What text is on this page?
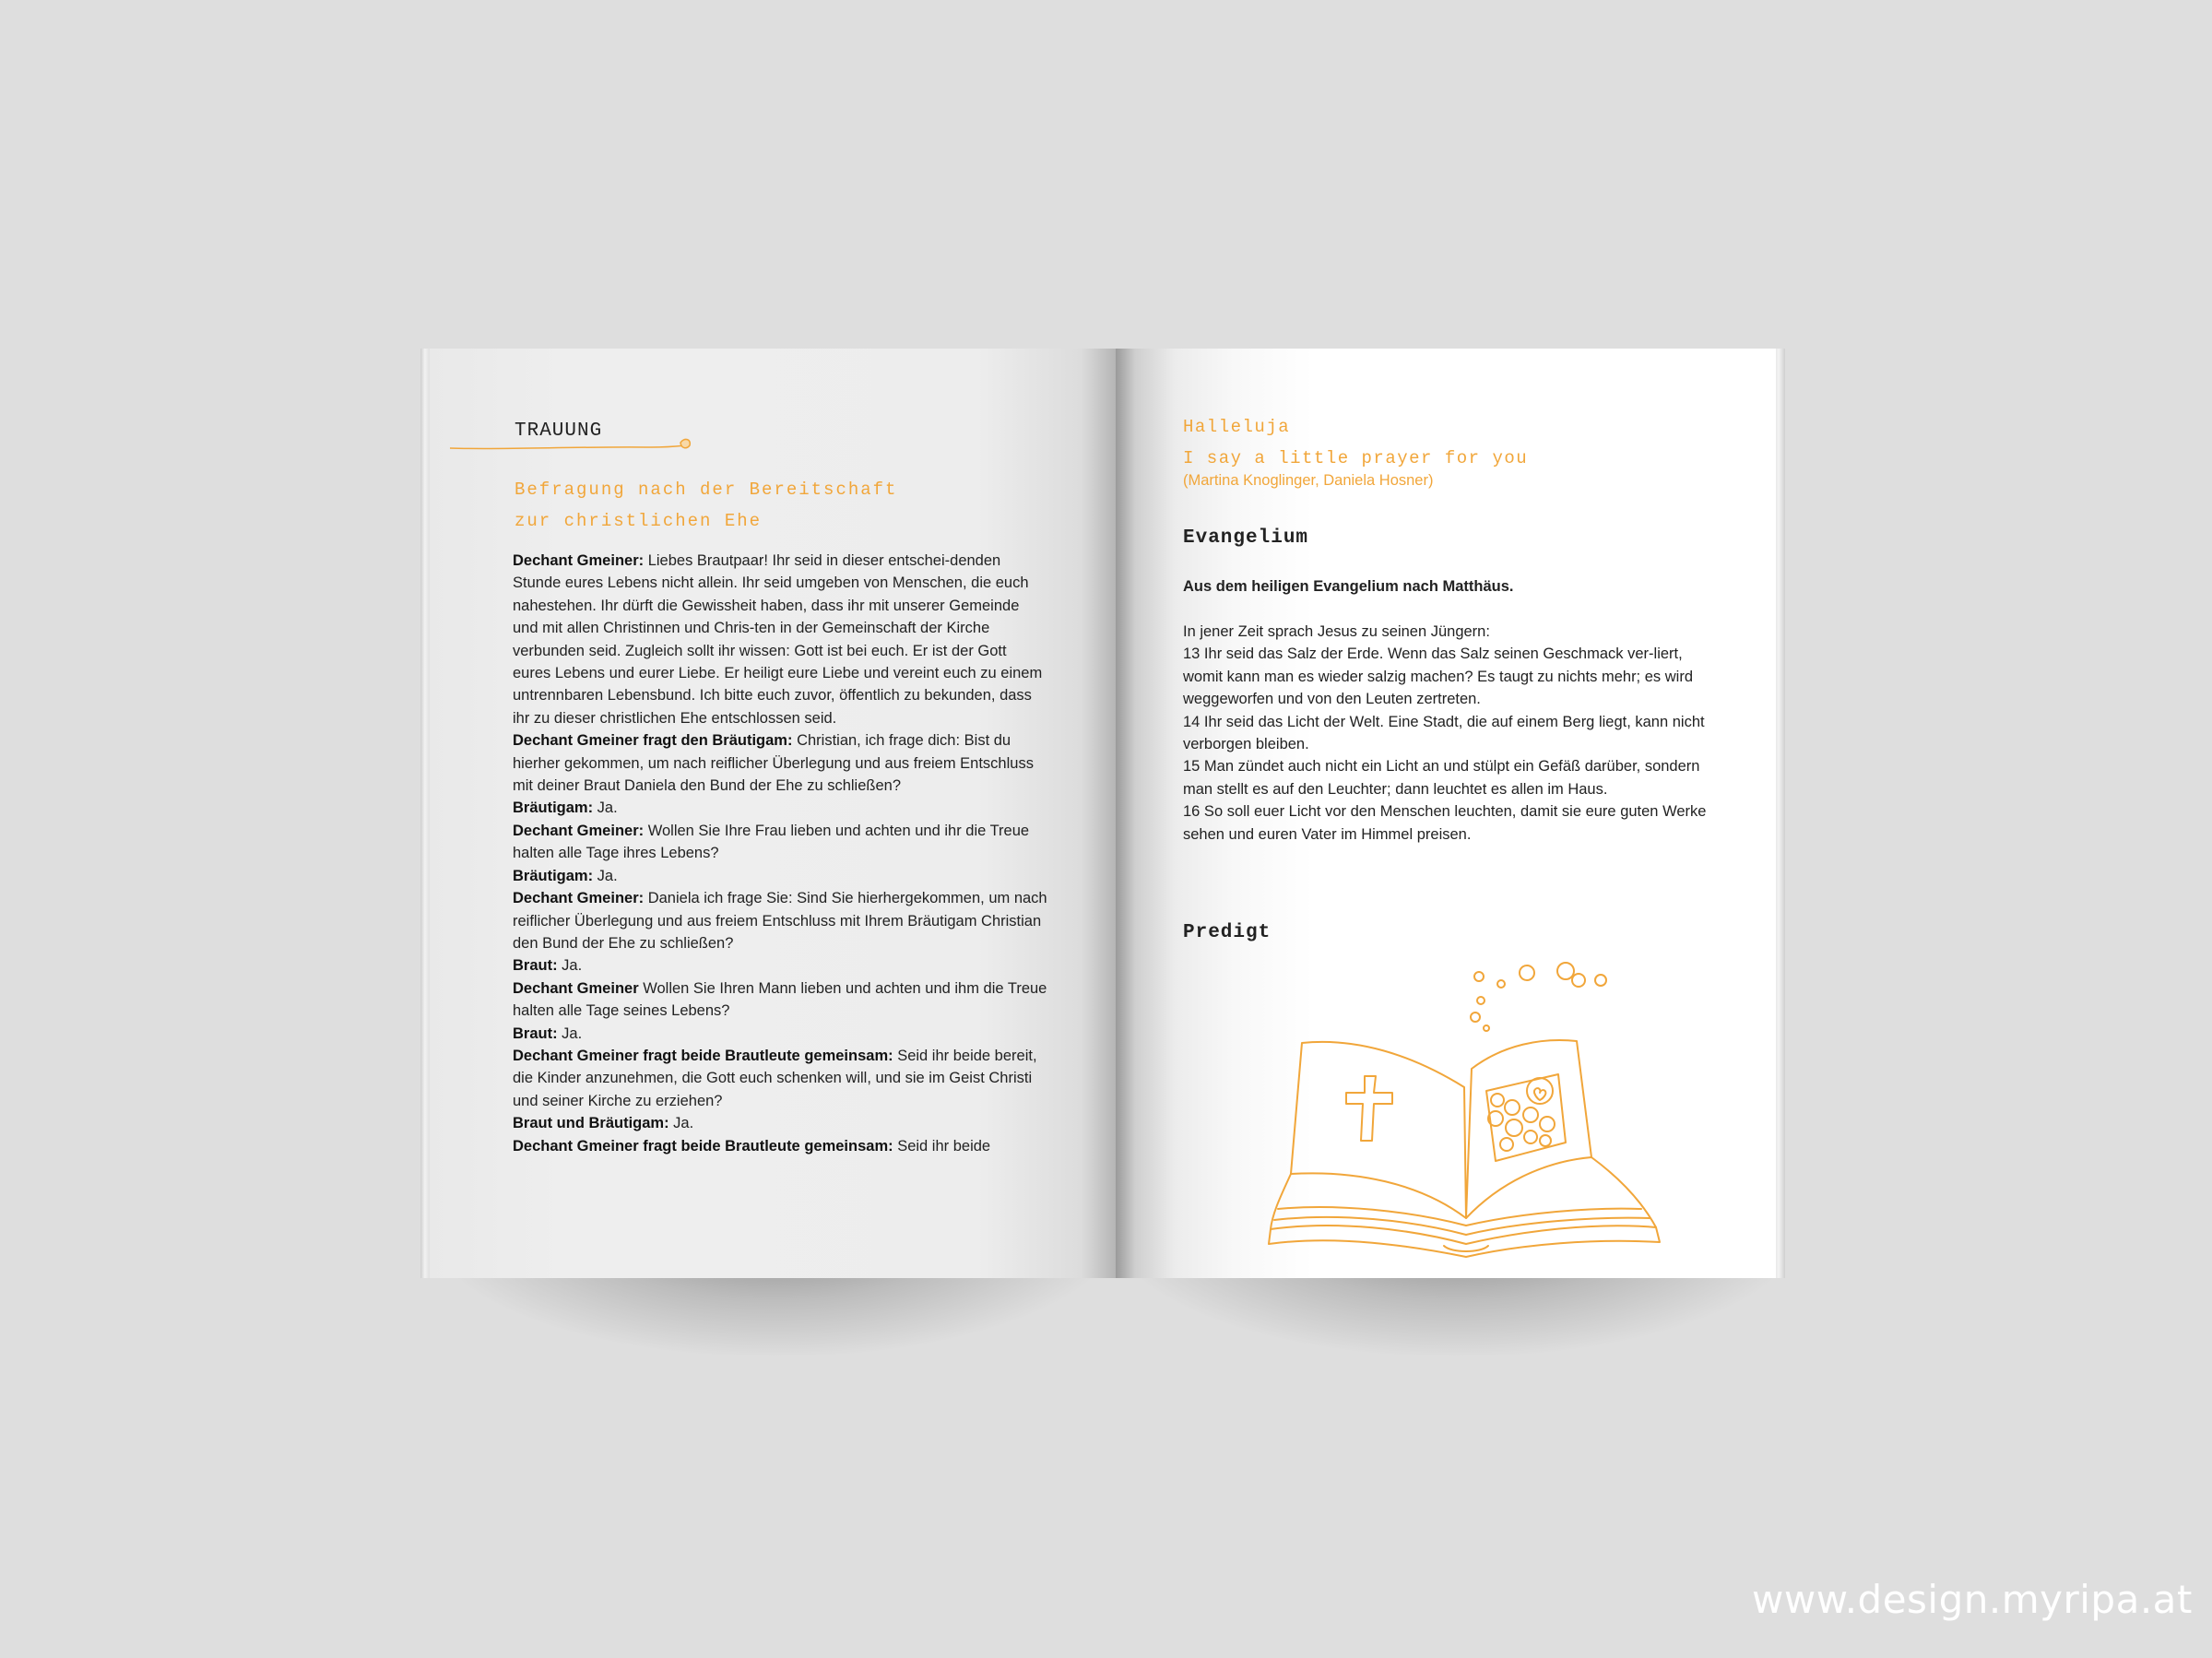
TRAUUNG
Befragung nach der Bereitschaft
zur christlichen Ehe

Dechant Gmeiner: Liebes Brautpaar! Ihr seid in dieser entschei-denden Stunde eures Lebens nicht allein. Ihr seid umgeben von Menschen, die euch nahestehen. Ihr dürft die Gewissheit haben, dass ihr mit unserer Gemeinde und mit allen Christinnen und Chris-ten in der Gemeinschaft der Kirche verbunden seid. Zugleich sollt ihr wissen: Gott ist bei euch. Er ist der Gott eures Lebens und eurer Liebe. Er heiligt eure Liebe und vereint euch zu einem untrennbaren Lebensbund. Ich bitte euch zuvor, öffentlich zu bekunden, dass ihr zu dieser christlichen Ehe entschlossen seid.

Dechant Gmeiner fragt den Bräutigam: Christian, ich frage dich: Bist du hierher gekommen, um nach reiflicher Überlegung und aus freiem Entschluss mit deiner Braut Daniela den Bund der Ehe zu schließen?

Bräutigam: Ja.

Dechant Gmeiner: Wollen Sie Ihre Frau lieben und achten und ihr die Treue halten alle Tage ihres Lebens?

Bräutigam: Ja.

Dechant Gmeiner: Daniela ich frage Sie: Sind Sie hierhergekommen, um nach reiflicher Überlegung und aus freiem Entschluss mit Ihrem Bräutigam Christian den Bund der Ehe zu schließen?

Braut: Ja.

Dechant Gmeiner Wollen Sie Ihren Mann lieben und achten und ihm die Treue halten alle Tage seines Lebens?

Braut: Ja.

Dechant Gmeiner fragt beide Brautleute gemeinsam: Seid ihr beide bereit, die Kinder anzunehmen, die Gott euch schenken will, und sie im Geist Christi und seiner Kirche zu erziehen?

Braut und Bräutigam: Ja.

Dechant Gmeiner fragt beide Brautleute gemeinsam: Seid ihr beide

Halleluja
I say a little prayer for you
(Martina Knoglinger, Daniela Hosner)
Evangelium

Aus dem heiligen Evangelium nach Matthäus.

In jener Zeit sprach Jesus zu seinen Jüngern:

13 Ihr seid das Salz der Erde. Wenn das Salz seinen Geschmack ver-liert, womit kann man es wieder salzig machen? Es taugt zu nichts mehr; es wird weggeworfen und von den Leuten zertreten.

14 Ihr seid das Licht der Welt. Eine Stadt, die auf einem Berg liegt, kann nicht verborgen bleiben.

15 Man zündet auch nicht ein Licht an und stülpt ein Gefäß darüber, sondern man stellt es auf den Leuchter; dann leuchtet es allen im Haus.

16 So soll euer Licht vor den Menschen leuchten, damit sie eure guten Werke sehen und euren Vater im Himmel preisen.

Predigt
www.design.myripa.at
